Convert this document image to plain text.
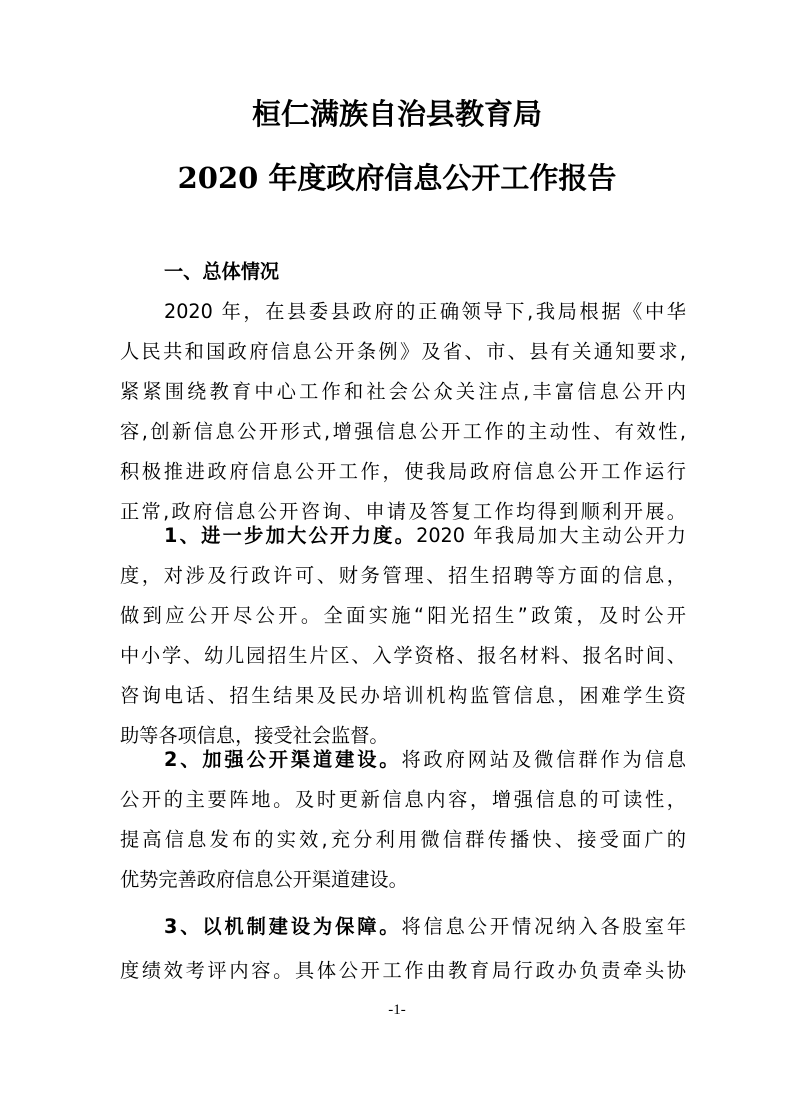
桓仁满族自治县教育局
2020 年度政府信息公开工作报告
一、总体情况
2020 年，在县委县政府的正确领导下,我局根据《中华
人民共和国政府信息公开条例》及省、市、县有关通知要求,
紧紧围绕教育中心工作和社会公众关注点,丰富信息公开内
容,创新信息公开形式,增强信息公开工作的主动性、有效性,
积极推进政府信息公开工作，使我局政府信息公开工作运行
正常,政府信息公开咨询、申请及答复工作均得到顺利开展。
1、进一步加大公开力度。2020 年我局加大主动公开力
度，对涉及行政许可、财务管理、招生招聘等方面的信息，
做到应公开尽公开。全面实施“阳光招生”政策，及时公开
中小学、幼儿园招生片区、入学资格、报名材料、报名时间、
咨询电话、招生结果及民办培训机构监管信息，困难学生资
助等各项信息，接受社会监督。
2、加强公开渠道建设。将政府网站及微信群作为信息
公开的主要阵地。及时更新信息内容，增强信息的可读性，
提高信息发布的实效,充分利用微信群传播快、接受面广的
优势完善政府信息公开渠道建设。
3、以机制建设为保障。将信息公开情况纳入各股室年
度绩效考评内容。具体公开工作由教育局行政办负责牵头协
-1-
